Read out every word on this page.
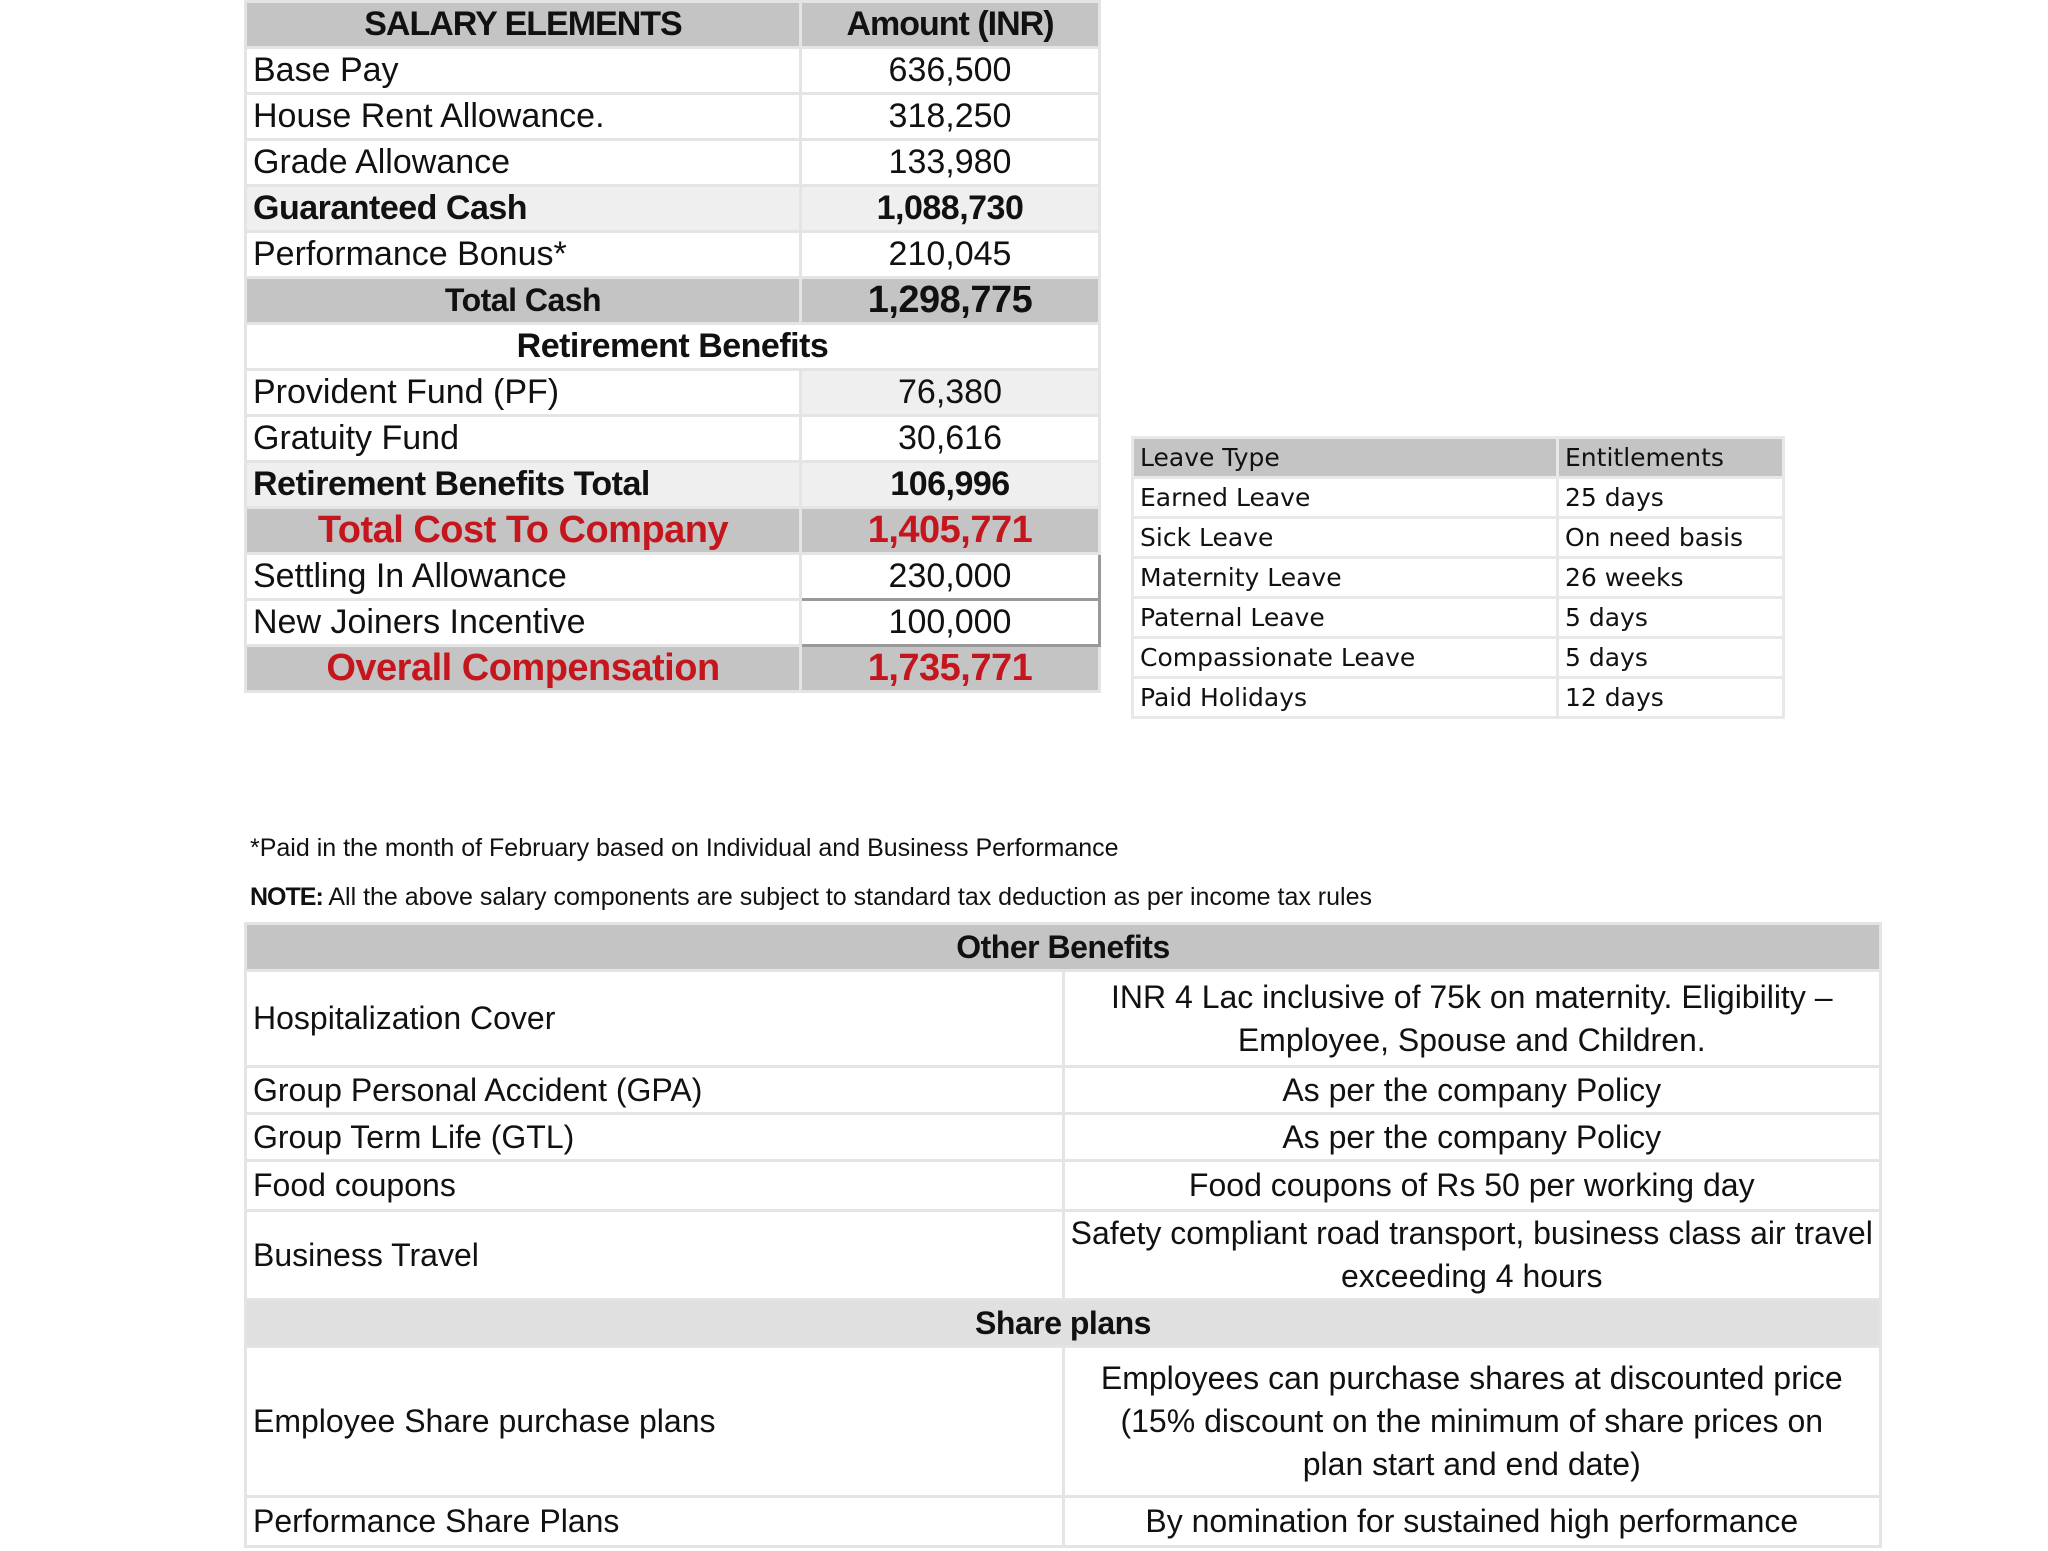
SALARY ELEMENTS	Amount (INR)
Base Pay	636,500
House Rent Allowance.	318,250
Grade Allowance	133,980
Guaranteed Cash	1,088,730
Performance Bonus*	210,045
Total Cash	1,298,775
Retirement Benefits	
Provident Fund (PF)	76,380
Gratuity Fund	30,616
Retirement Benefits Total	106,996
Total Cost To Company	1,405,771
Settling In Allowance	230,000
New Joiners Incentive	100,000
Overall Compensation	1,735,771
Leave Type	Entitlements
Earned Leave	25 days
Sick Leave	On need basis
Maternity Leave	26 weeks
Paternal Leave	5 days
Compassionate Leave	5 days
Paid Holidays	12 days
*Paid in the month of February based on Individual and Business Performance
NOTE: All the above salary components are subject to standard tax deduction as per income tax rules
Other Benefits	
Hospitalization Cover	INR 4 Lac inclusive of 75k on maternity. Eligibility – Employee, Spouse and Children.
Group Personal Accident (GPA)	As per the company Policy
Group Term Life (GTL)	As per the company Policy
Food coupons	Food coupons of Rs 50 per working day
Business Travel	Safety compliant road transport, business class air travel exceeding 4 hours
Share plans	
Employee Share purchase plans	Employees can purchase shares at discounted price
(15% discount on the minimum of share prices on
plan start and end date)

Performance Share Plans	By nomination for sustained high performance
